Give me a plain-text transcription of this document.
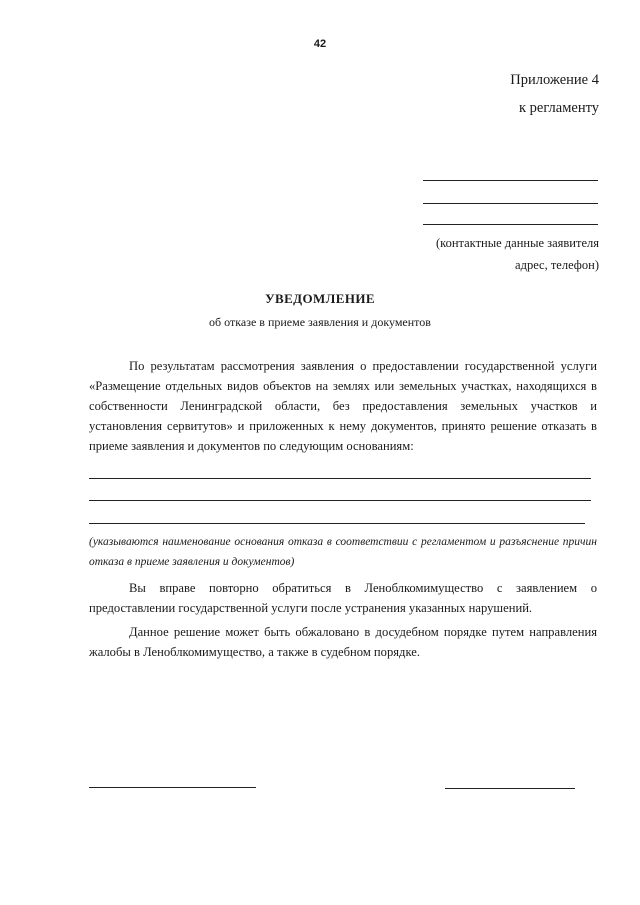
42
Приложение 4
к регламенту
(контактные данные заявителя
адрес, телефон)
УВЕДОМЛЕНИЕ
об отказе в приеме заявления и документов
По результатам рассмотрения заявления о предоставлении государственной услуги «Размещение отдельных видов объектов на землях или земельных участках, находящихся в собственности Ленинградской области, без предоставления земельных участков и установления сервитутов» и приложенных к нему документов, принято решение отказать в приеме заявления и документов по следующим основаниям:
(указываются наименование основания отказа в соответствии с регламентом и разъяснение причин отказа в приеме заявления и документов)
Вы вправе повторно обратиться в Леноблкомимущество с заявлением о предоставлении государственной услуги после устранения указанных нарушений.
Данное решение может быть обжаловано в досудебном порядке путем направления жалобы в Леноблкомимущество, а также в судебном порядке.
